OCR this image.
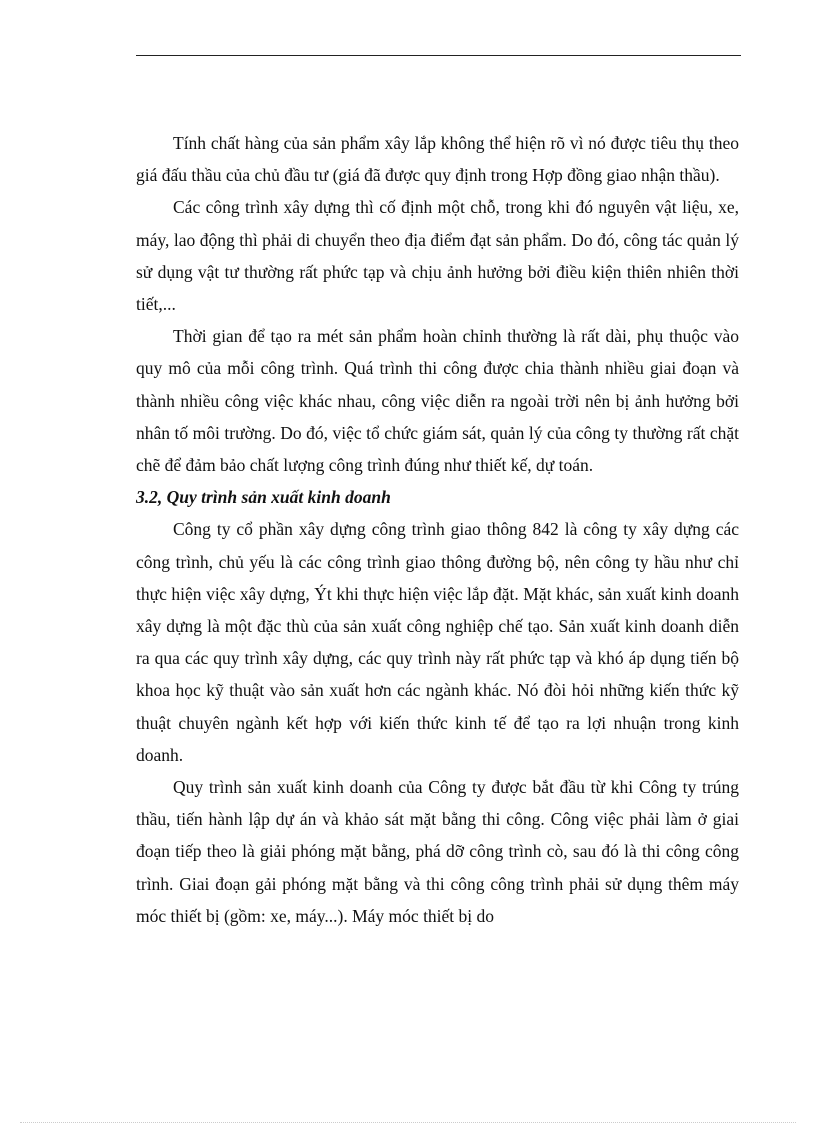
Tính chất hàng của sản phẩm xây lắp không thể hiện rõ vì nó được tiêu thụ theo giá đấu thầu của chủ đầu tư (giá đã được quy định trong Hợp đồng giao nhận thầu).

Các công trình xây dựng thì cố định một chỗ, trong khi đó nguyên vật liệu, xe, máy, lao động thì phải di chuyển theo địa điểm đạt sản phẩm. Do đó, công tác quản lý sử dụng vật tư thường rất phức tạp và chịu ảnh hưởng bởi điều kiện thiên nhiên thời tiết,...

Thời gian để tạo ra mét sản phẩm hoàn chỉnh thường là rất dài, phụ thuộc vào quy mô của mỗi công trình. Quá trình thi công được chia thành nhiều giai đoạn và thành nhiều công việc khác nhau, công việc diễn ra ngoài trời nên bị ảnh hưởng bởi nhân tố môi trường. Do đó, việc tổ chức giám sát, quản lý của công ty thường rất chặt chẽ để đảm bảo chất lượng công trình đúng như thiết kế, dự toán.

3.2, Quy trình sản xuất kinh doanh

Công ty cổ phần xây dựng công trình giao thông 842 là công ty xây dựng các công trình, chủ yếu là các công trình giao thông đường bộ, nên công ty hầu như chỉ thực hiện việc xây dựng, Ýt khi thực hiện việc lắp đặt. Mặt khác, sản xuất kinh doanh xây dựng là một đặc thù của sản xuất công nghiệp chế tạo. Sản xuất kinh doanh diễn ra qua các quy trình xây dựng, các quy trình này rất phức tạp và khó áp dụng tiến bộ khoa học kỹ thuật vào sản xuất hơn các ngành khác. Nó đòi hỏi những kiến thức kỹ thuật chuyên ngành kết hợp với kiến thức kinh tế để tạo ra lợi nhuận trong kinh doanh.

Quy trình sản xuất kinh doanh của Công ty được bắt đầu từ khi Công ty trúng thầu, tiến hành lập dự án và khảo sát mặt bằng thi công. Công việc phải làm ở giai đoạn tiếp theo là giải phóng mặt bằng, phá dỡ công trình cò, sau đó là thi công công trình. Giai đoạn gải phóng mặt bằng và thi công công trình phải sử dụng thêm máy móc thiết bị (gồm: xe, máy...). Máy móc thiết bị do
